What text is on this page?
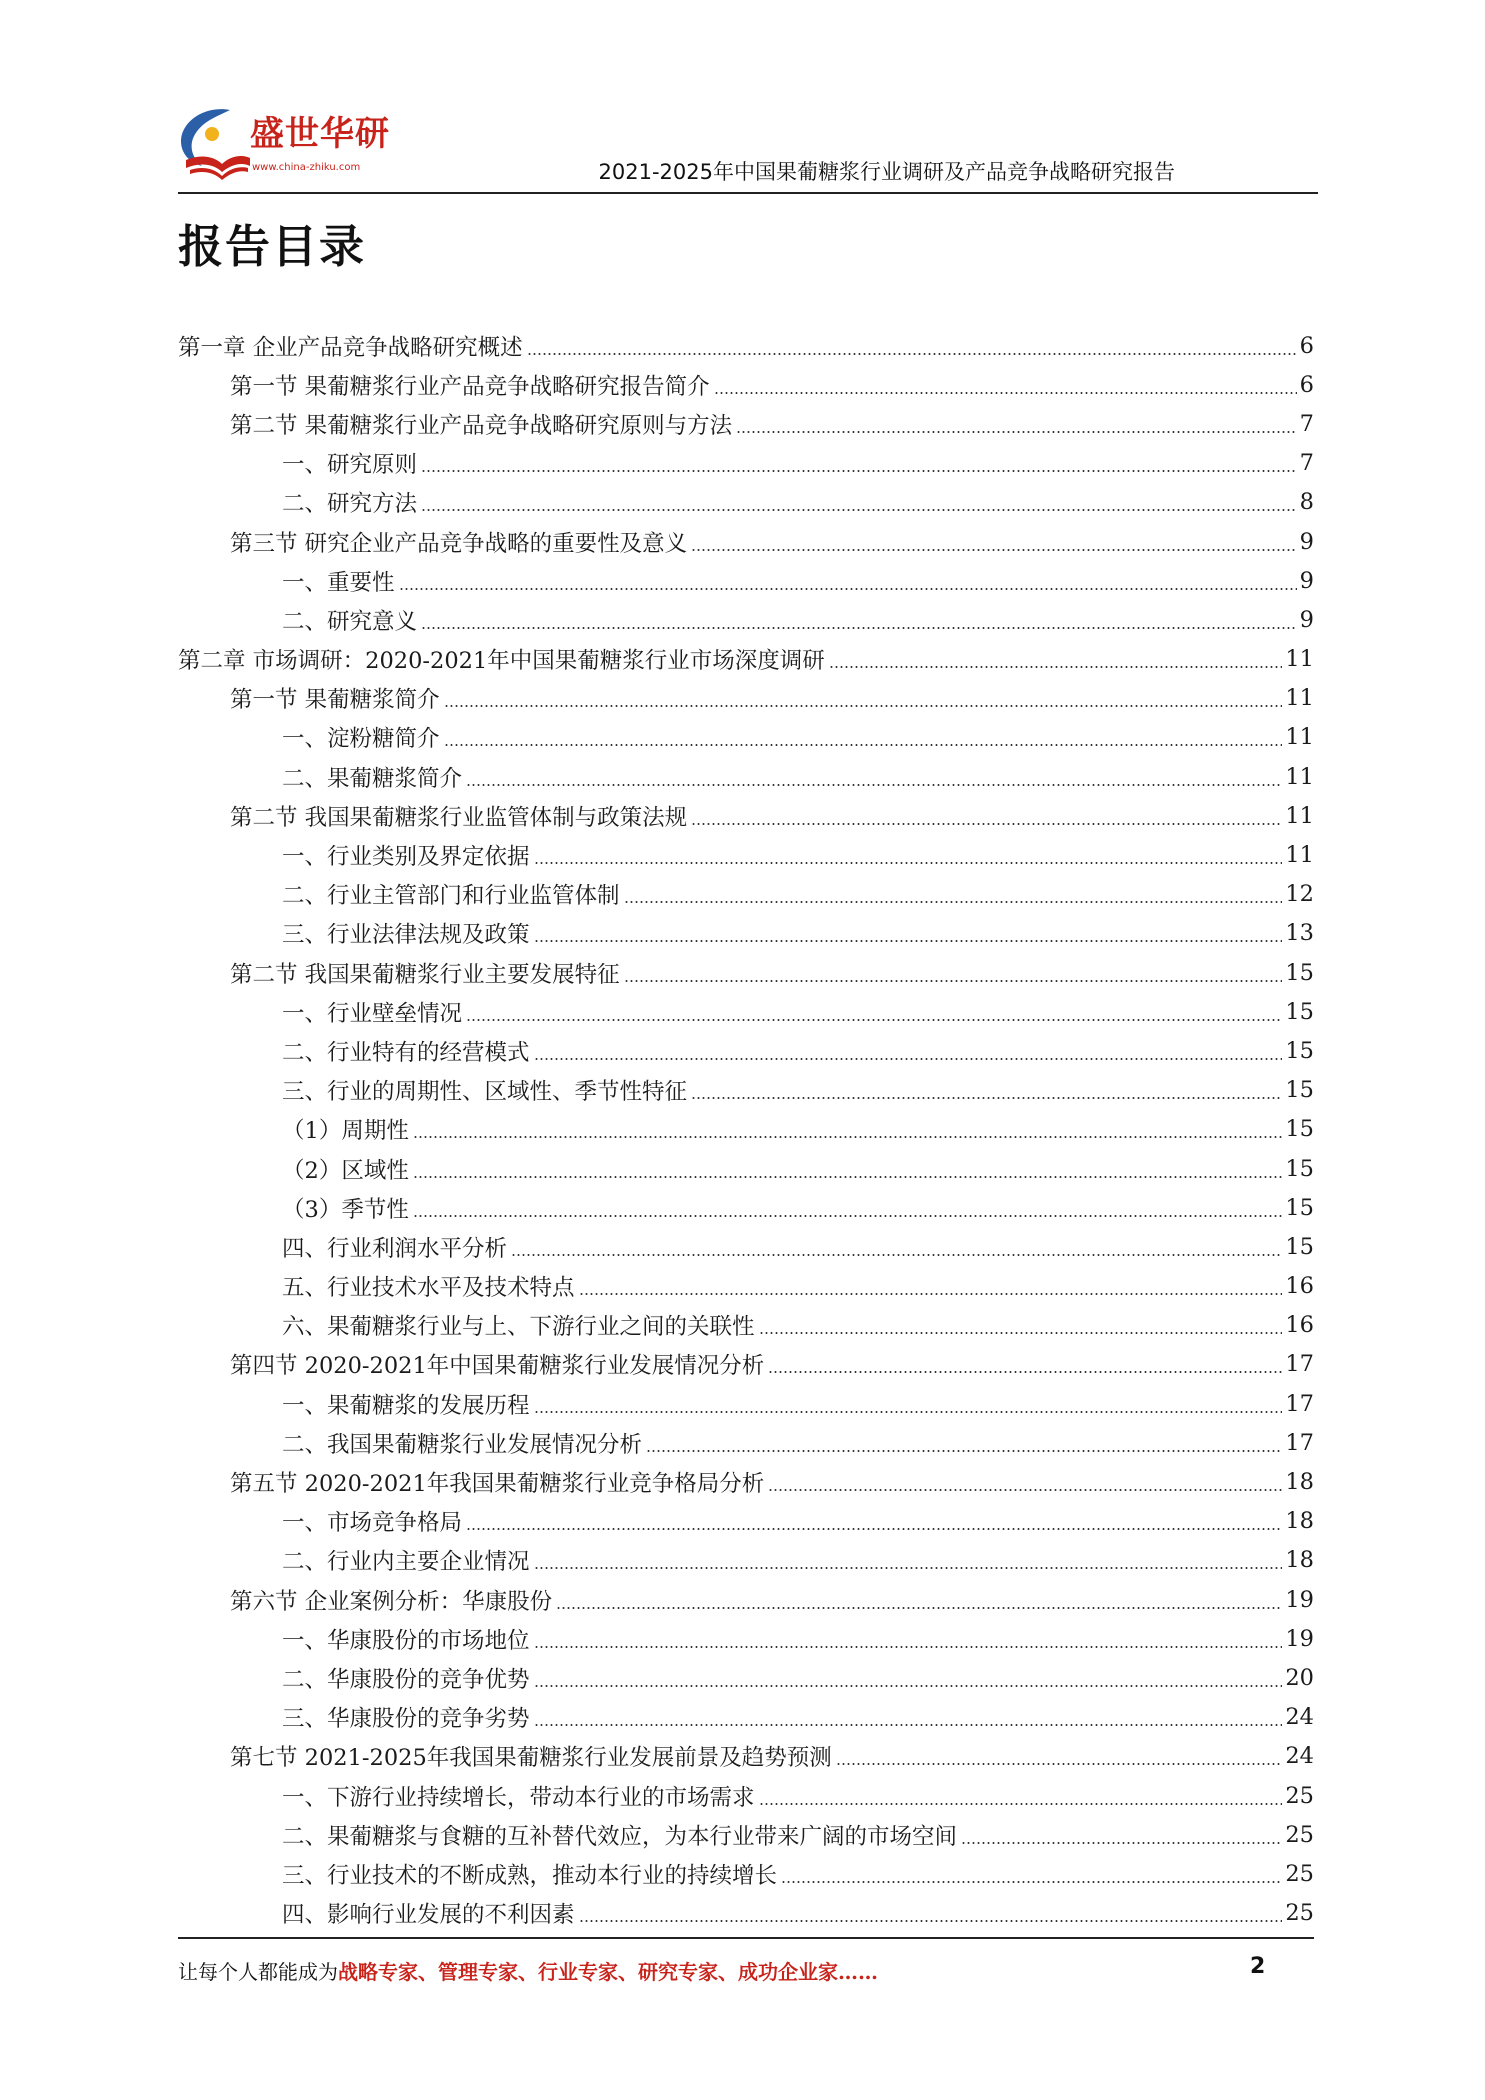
盛世华研
www.china-zhiku.com	2021-2025年中国果葡糖浆行业调研及产品竞争战略研究报告
报告目录
第一章 企业产品竞争战略研究概述	6
第一节 果葡糖浆行业产品竞争战略研究报告简介	6
第二节 果葡糖浆行业产品竞争战略研究原则与方法	7
一、研究原则	7
二、研究方法	8
第三节 研究企业产品竞争战略的重要性及意义	9
一、重要性	9
二、研究意义	9
第二章 市场调研：2020-2021年中国果葡糖浆行业市场深度调研	11
第一节 果葡糖浆简介	11
一、淀粉糖简介	11
二、果葡糖浆简介	11
第二节 我国果葡糖浆行业监管体制与政策法规	11
一、行业类别及界定依据	11
二、行业主管部门和行业监管体制	12
三、行业法律法规及政策	13
第二节 我国果葡糖浆行业主要发展特征	15
一、行业壁垒情况	15
二、行业特有的经营模式	15
三、行业的周期性、区域性、季节性特征	15
（1）周期性	15
（2）区域性	15
（3）季节性	15
四、行业利润水平分析	15
五、行业技术水平及技术特点	16
六、果葡糖浆行业与上、下游行业之间的关联性	16
第四节 2020-2021年中国果葡糖浆行业发展情况分析	17
一、果葡糖浆的发展历程	17
二、我国果葡糖浆行业发展情况分析	17
第五节 2020-2021年我国果葡糖浆行业竞争格局分析	18
一、市场竞争格局	18
二、行业内主要企业情况	18
第六节 企业案例分析：华康股份	19
一、华康股份的市场地位	19
二、华康股份的竞争优势	20
三、华康股份的竞争劣势	24
第七节 2021-2025年我国果葡糖浆行业发展前景及趋势预测	24
一、下游行业持续增长，带动本行业的市场需求	25
二、果葡糖浆与食糖的互补替代效应，为本行业带来广阔的市场空间	25
三、行业技术的不断成熟，推动本行业的持续增长	25
四、影响行业发展的不利因素	25
让每个人都能成为战略专家、管理专家、行业专家、研究专家、成功企业家……	2
